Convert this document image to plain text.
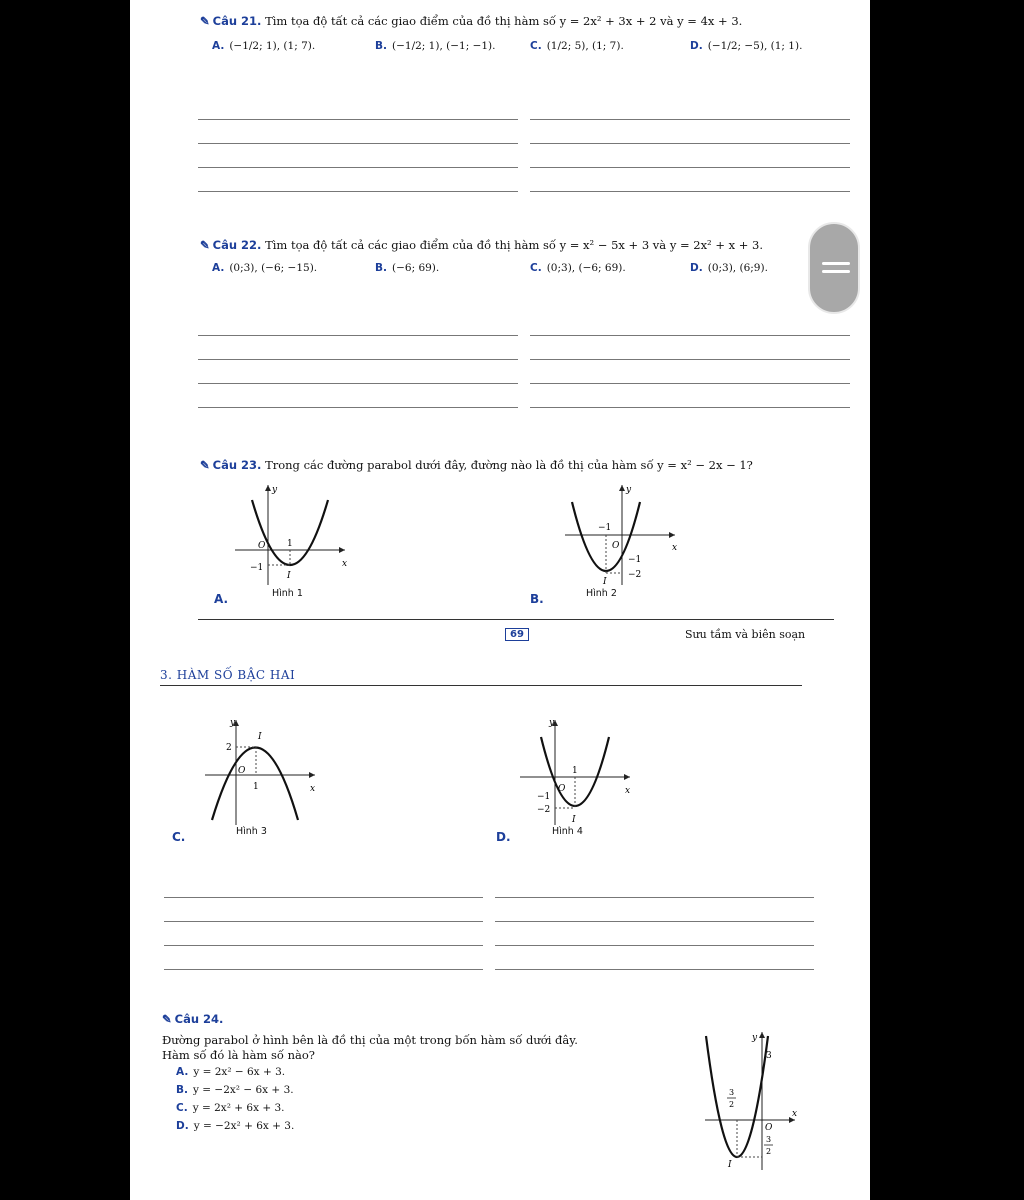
✎ Câu 21. Tìm tọa độ tất cả các giao điểm của đồ thị hàm số y = 2x² + 3x + 2 và y = 4x + 3.
A. (−1/2; 1), (1; 7).	B. (−1/2; 1), (−1; −1).	C. (1/2; 5), (1; 7).	D. (−1/2; −5), (1; 1).
✎ Câu 22. Tìm tọa độ tất cả các giao điểm của đồ thị hàm số y = x² − 5x + 3 và y = 2x² + x + 3.
A. (0;3), (−6; −15).	B. (−6; 69).	C. (0;3), (−6; 69).	D. (0;3), (6;9).
✎ Câu 23. Trong các đường parabol dưới đây, đường nào là đồ thị của hàm số y = x² − 2x − 1?
x
y
O 1
−1
I
A.	Hình 1
x
y
O
−1
−1
−2
I
B.	Hình 2
69	Sưu tầm và biên soạn
3. HÀM SỐ BẬC HAI
x
y
O
2
1
I
C.	Hình 3
x
y
O
1
−1
−2
I
D.	Hình 4
✎ Câu 24.
Đường parabol ở hình bên là đồ thị của một trong bốn hàm số dưới đây.
Hàm số đó là hàm số nào?
A. y = 2x² − 6x + 3.
B. y = −2x² − 6x + 3.
C. y = 2x² + 6x + 3.
D. y = −2x² + 6x + 3.
x
y
O
3
3
2
3
2
I
